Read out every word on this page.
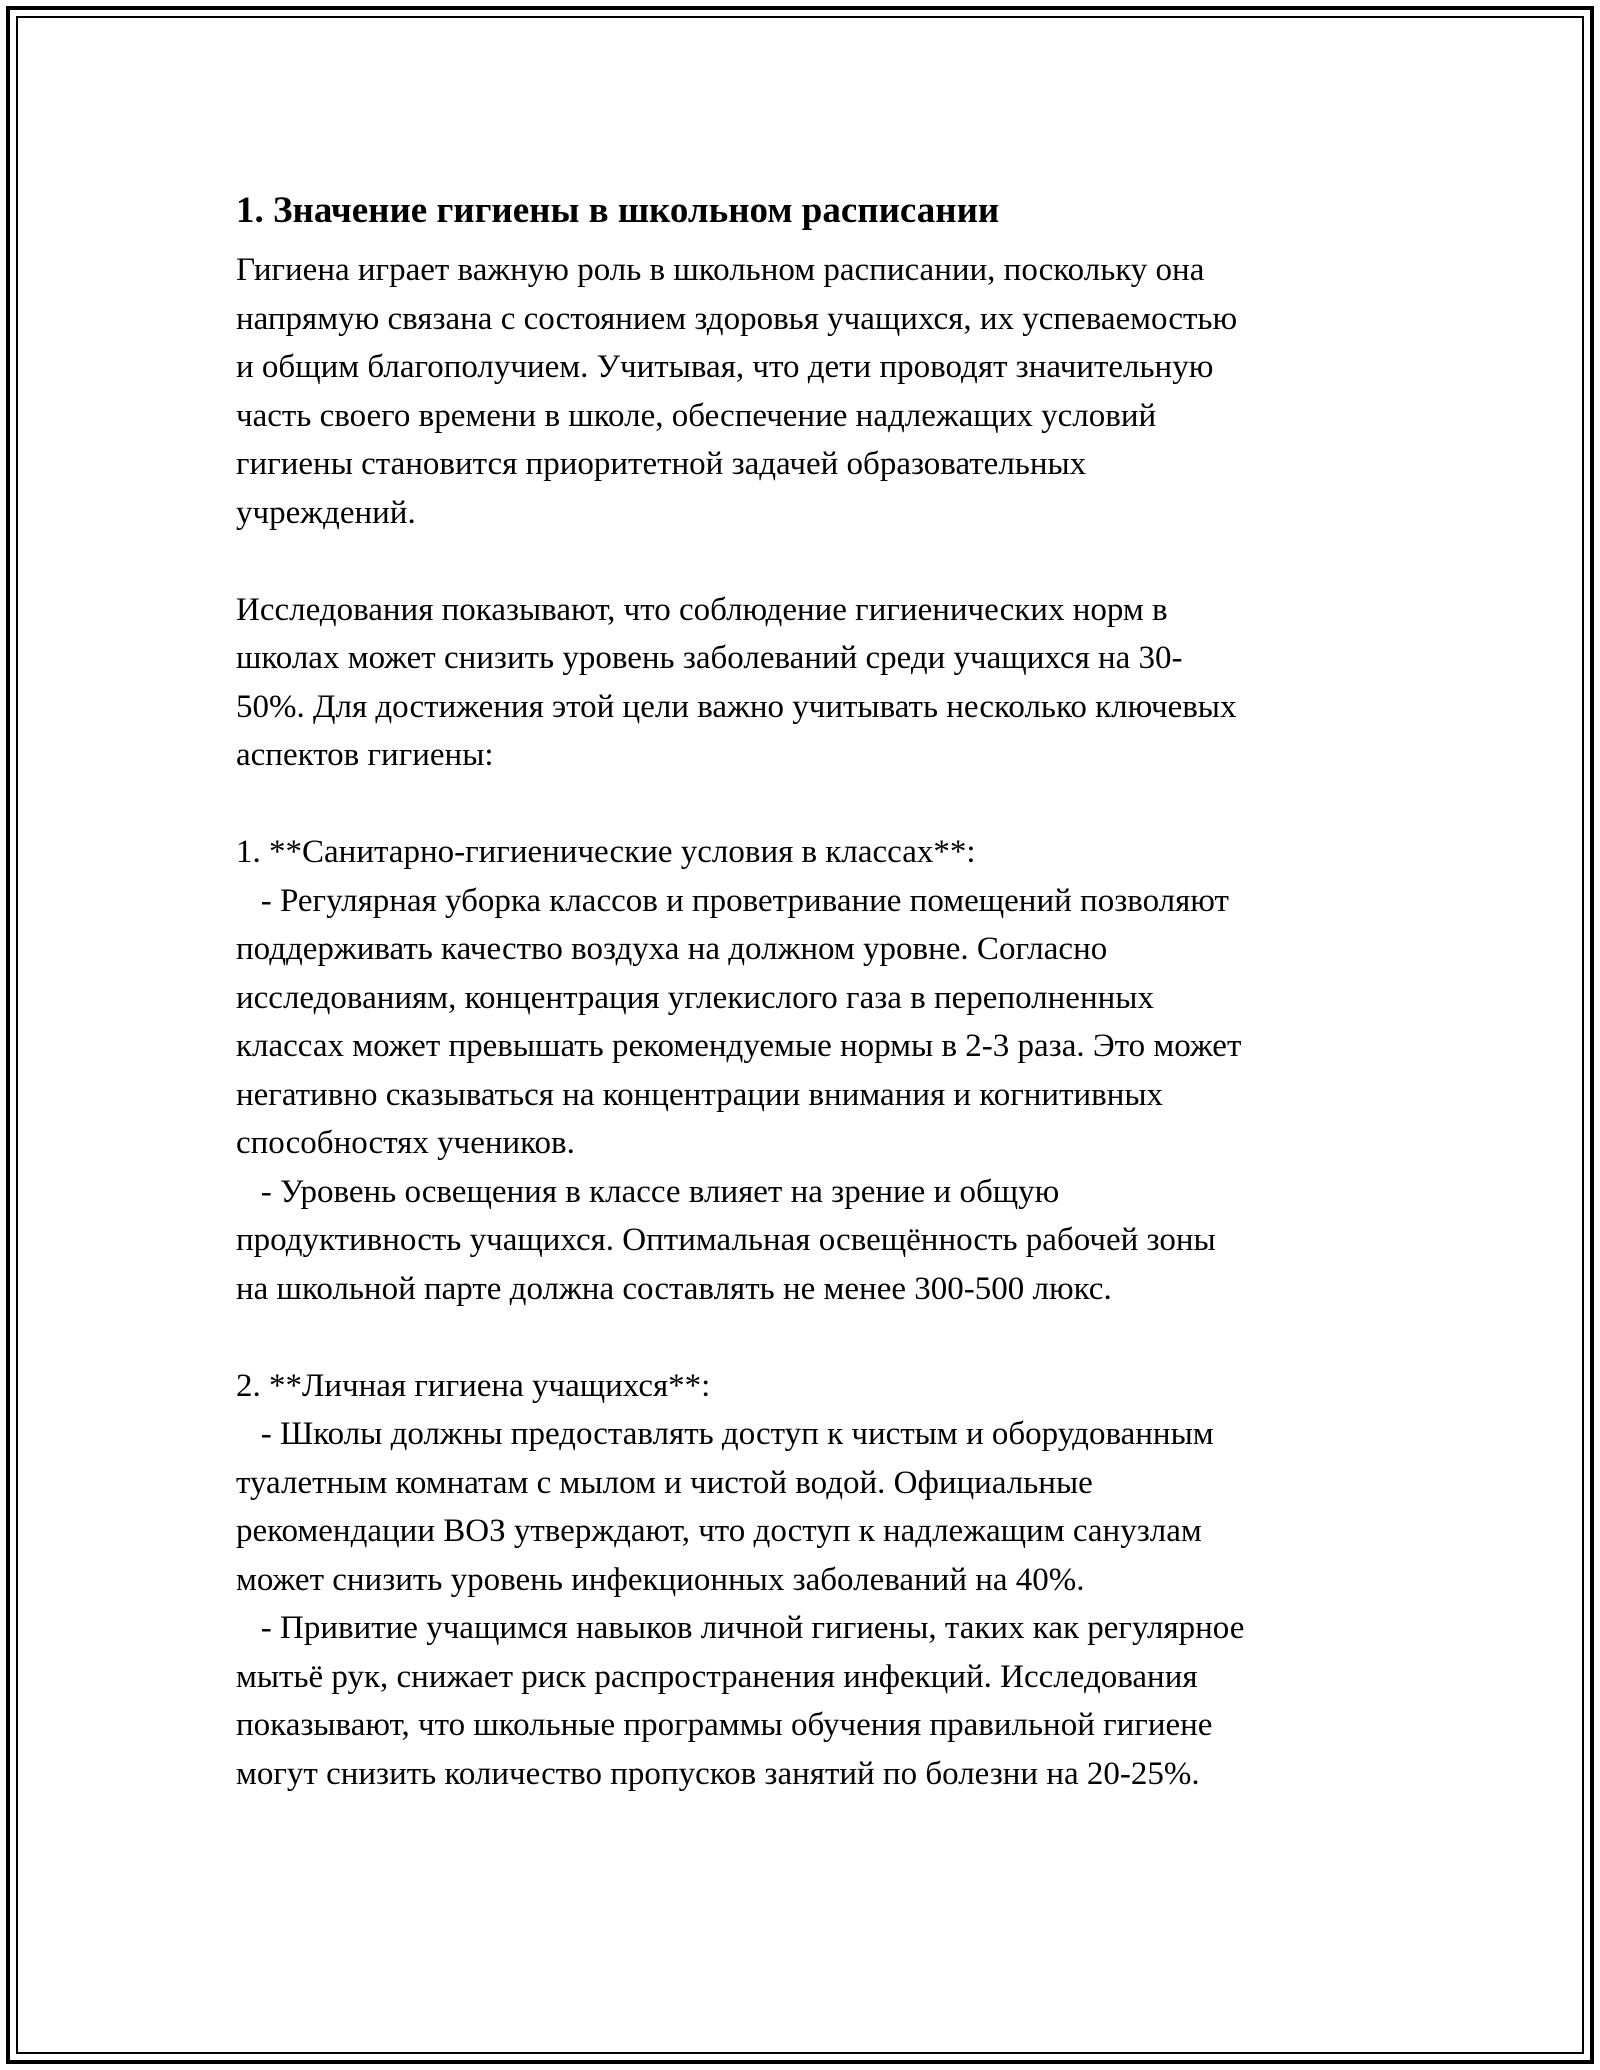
1. Значение гигиены в школьном расписании
Гигиена играет важную роль в школьном расписании, поскольку она
напрямую связана с состоянием здоровья учащихся, их успеваемостью
и общим благополучием. Учитывая, что дети проводят значительную
часть своего времени в школе, обеспечение надлежащих условий
гигиены становится приоритетной задачей образовательных
учреждений.
Исследования показывают, что соблюдение гигиенических норм в
школах может снизить уровень заболеваний среди учащихся на 30-
50%. Для достижения этой цели важно учитывать несколько ключевых
аспектов гигиены:
1. **Санитарно-гигиенические условия в классах**:
- Регулярная уборка классов и проветривание помещений позволяют
поддерживать качество воздуха на должном уровне. Согласно
исследованиям, концентрация углекислого газа в переполненных
классах может превышать рекомендуемые нормы в 2-3 раза. Это может
негативно сказываться на концентрации внимания и когнитивных
способностях учеников.
- Уровень освещения в классе влияет на зрение и общую
продуктивность учащихся. Оптимальная освещённость рабочей зоны
на школьной парте должна составлять не менее 300-500 люкс.
2. **Личная гигиена учащихся**:
- Школы должны предоставлять доступ к чистым и оборудованным
туалетным комнатам с мылом и чистой водой. Официальные
рекомендации ВОЗ утверждают, что доступ к надлежащим санузлам
может снизить уровень инфекционных заболеваний на 40%.
- Привитие учащимся навыков личной гигиены, таких как регулярное
мытьё рук, снижает риск распространения инфекций. Исследования
показывают, что школьные программы обучения правильной гигиене
могут снизить количество пропусков занятий по болезни на 20-25%.
